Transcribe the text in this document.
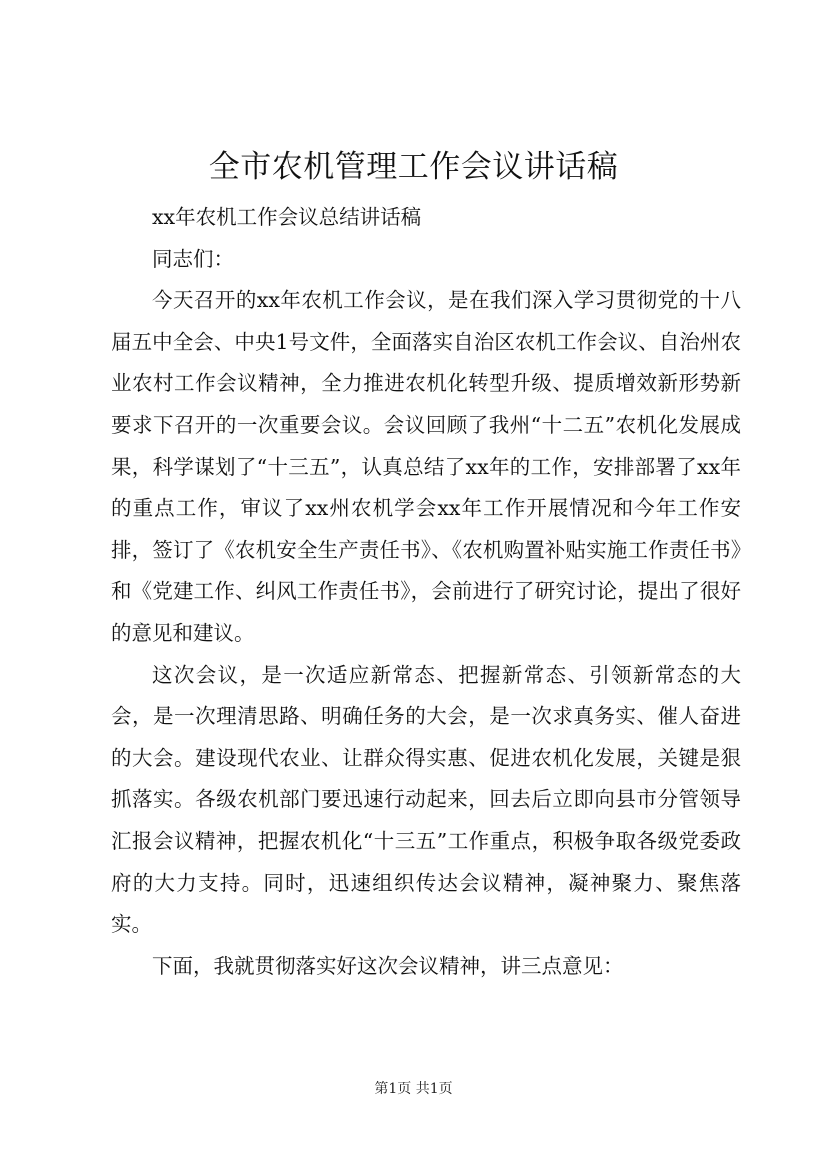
全市农机管理工作会议讲话稿

xx年农机工作会议总结讲话稿

同志们：

今天召开的xx年农机工作会议，是在我们深入学习贯彻党的十八届五中全会、中央1号文件，全面落实自治区农机工作会议、自治州农业农村工作会议精神，全力推进农机化转型升级、提质增效新形势新要求下召开的一次重要会议。会议回顾了我州“十二五”农机化发展成果，科学谋划了“十三五”，认真总结了xx年的工作，安排部署了xx年的重点工作，审议了xx州农机学会xx年工作开展情况和今年工作安排，签订了《农机安全生产责任书》、《农机购置补贴实施工作责任书》和《党建工作、纠风工作责任书》，会前进行了研究讨论，提出了很好的意见和建议。

这次会议，是一次适应新常态、把握新常态、引领新常态的大会，是一次理清思路、明确任务的大会，是一次求真务实、催人奋进的大会。建设现代农业、让群众得实惠、促进农机化发展，关键是狠抓落实。各级农机部门要迅速行动起来，回去后立即向县市分管领导汇报会议精神，把握农机化“十三五”工作重点，积极争取各级党委政府的大力支持。同时，迅速组织传达会议精神，凝神聚力、聚焦落实。

下面，我就贯彻落实好这次会议精神，讲三点意见：

第1页 共1页
